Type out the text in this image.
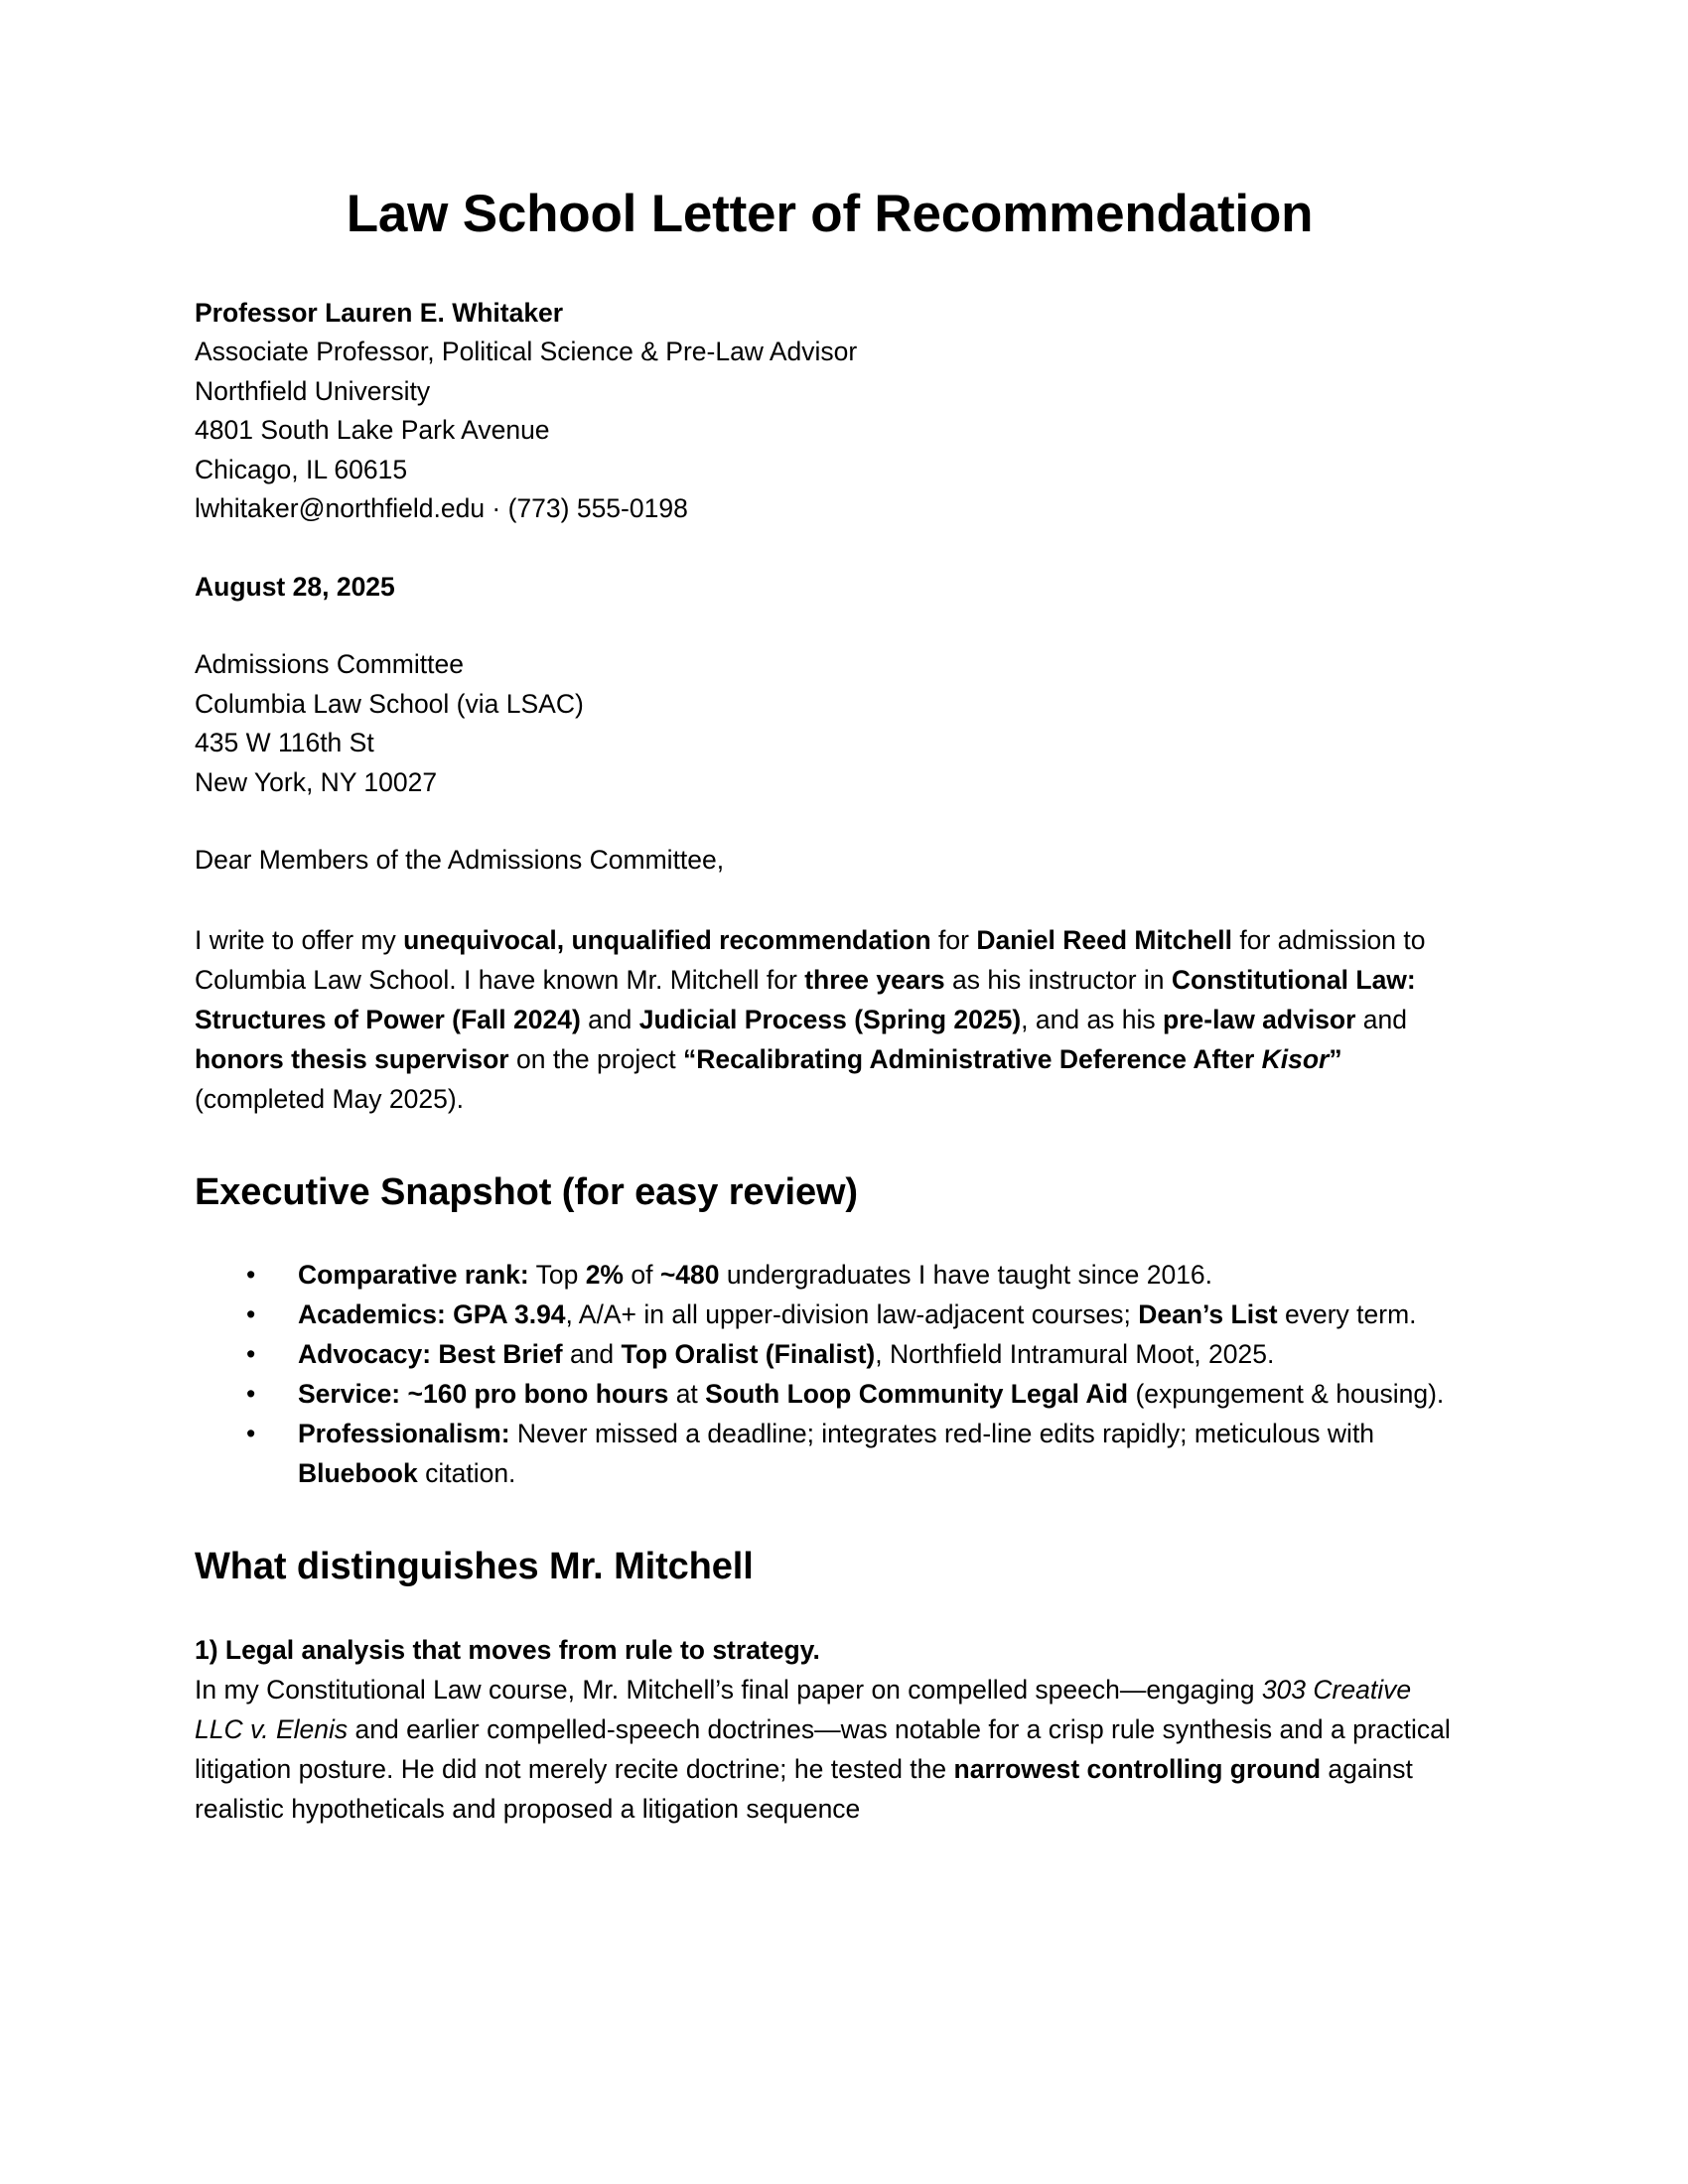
Law School Letter of Recommendation
Professor Lauren E. Whitaker
Associate Professor, Political Science & Pre-Law Advisor
Northfield University
4801 South Lake Park Avenue
Chicago, IL 60615
lwhitaker@northfield.edu · (773) 555-0198
August 28, 2025
Admissions Committee
Columbia Law School (via LSAC)
435 W 116th St
New York, NY 10027
Dear Members of the Admissions Committee,

I write to offer my unequivocal, unqualified recommendation for Daniel Reed Mitchell for admission to Columbia Law School. I have known Mr. Mitchell for three years as his instructor in Constitutional Law: Structures of Power (Fall 2024) and Judicial Process (Spring 2025), and as his pre-law advisor and honors thesis supervisor on the project “Recalibrating Administrative Deference After Kisor” (completed May 2025).

Executive Snapshot (for easy review)
• Comparative rank: Top 2% of ~480 undergraduates I have taught since 2016.
• Academics: GPA 3.94, A/A+ in all upper-division law-adjacent courses; Dean’s List every term.
• Advocacy: Best Brief and Top Oralist (Finalist), Northfield Intramural Moot, 2025.
• Service: ~160 pro bono hours at South Loop Community Legal Aid (expungement & housing).
• Professionalism: Never missed a deadline; integrates red-line edits rapidly; meticulous with Bluebook citation.
What distinguishes Mr. Mitchell

1) Legal analysis that moves from rule to strategy.

In my Constitutional Law course, Mr. Mitchell’s final paper on compelled speech—engaging 303 Creative LLC v. Elenis and earlier compelled-speech doctrines—was notable for a crisp rule synthesis and a practical litigation posture. He did not merely recite doctrine; he tested the narrowest controlling ground against realistic hypotheticals and proposed a litigation sequence
